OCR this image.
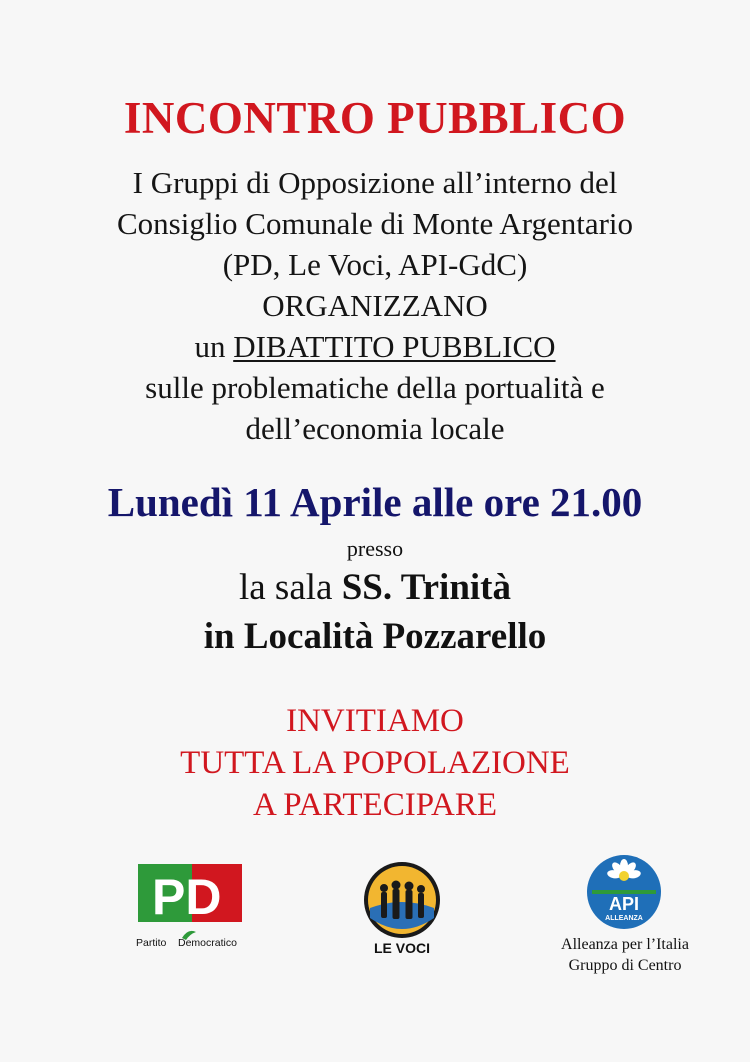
INCONTRO PUBBLICO
I Gruppi di Opposizione all’interno del
Consiglio Comunale di Monte Argentario
(PD, Le Voci, API-GdC)
ORGANIZZANO
un DIBATTITO PUBBLICO
sulle problematiche della portualità e
dell’economia locale
Lunedì 11 Aprile alle ore 21.00
presso
la sala SS. Trinità
in Località Pozzarello
INVITIAMO
TUTTA LA POPOLAZIONE
A PARTECIPARE
PD
Partito Democratico	LE VOCI
API
ALLEANZA
Alleanza per l’Italia
Gruppo di Centro
